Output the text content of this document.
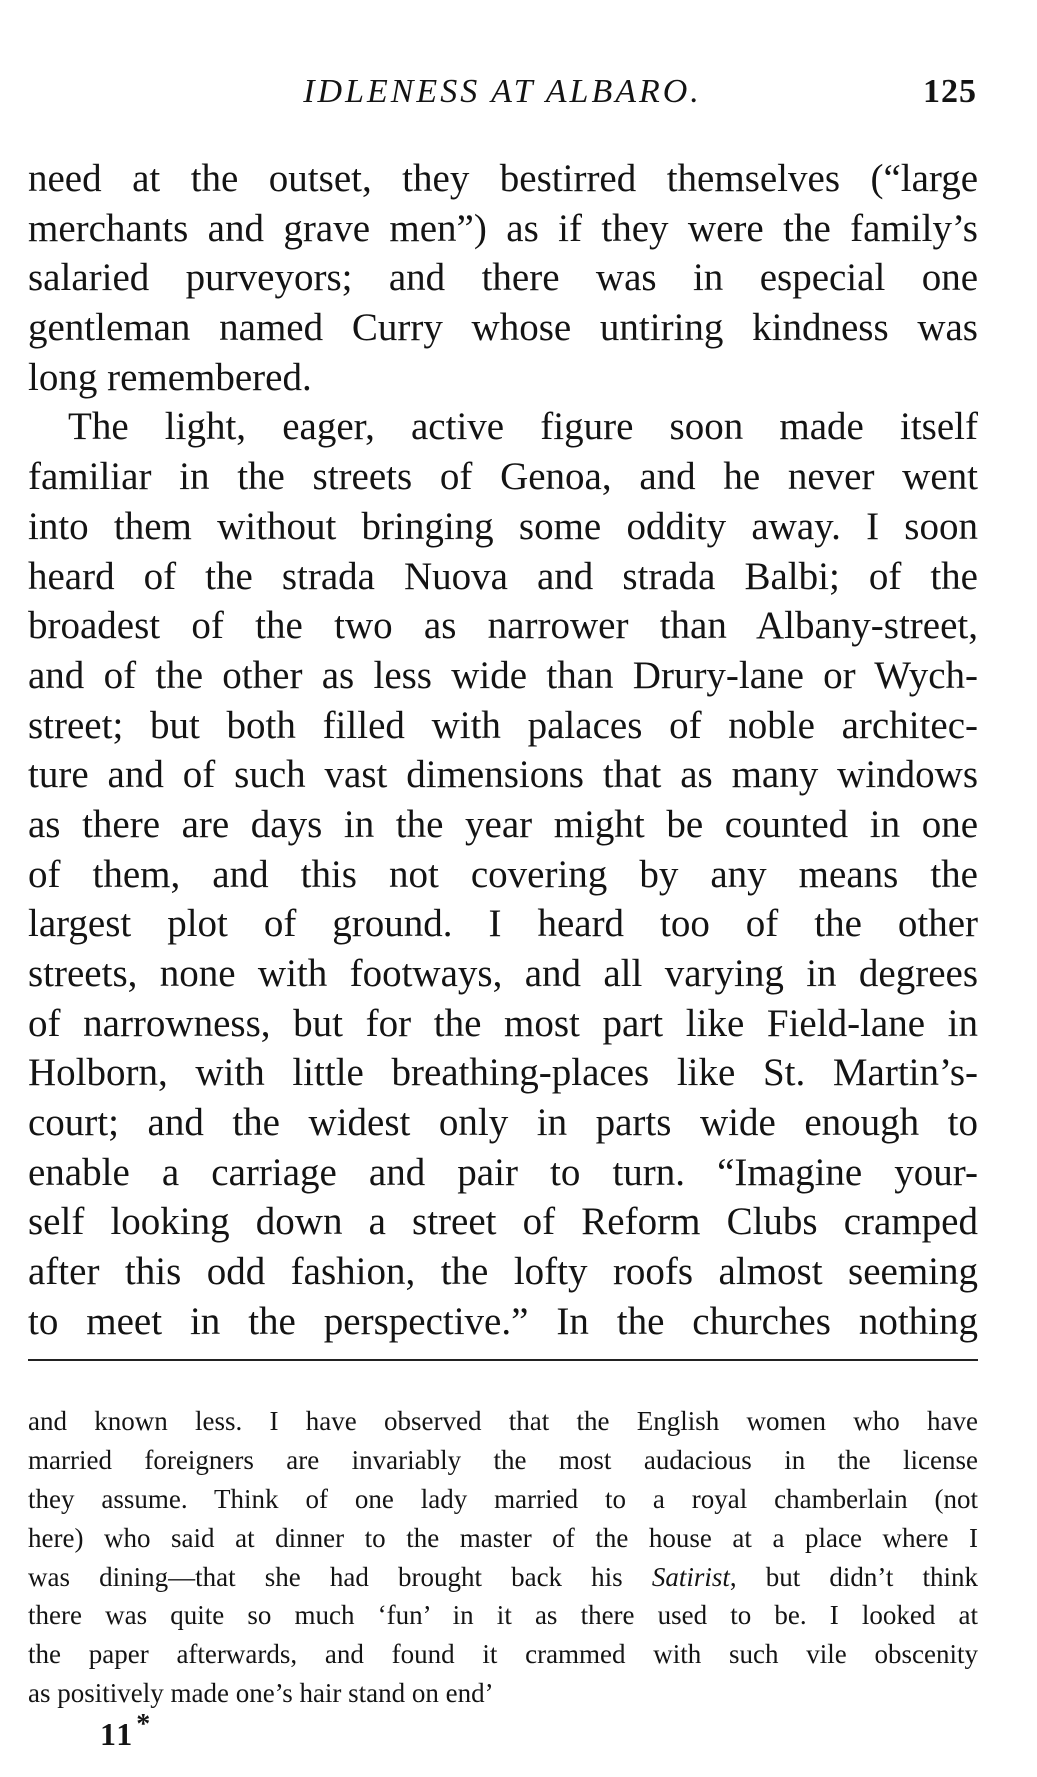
IDLENESS AT ALBARO.	125
need at the outset, they bestirred themselves (“large
merchants and grave men”) as if they were the family’s
salaried purveyors; and there was in especial one
gentleman named Curry whose untiring kindness was
long remembered.
The light, eager, active figure soon made itself
familiar in the streets of Genoa, and he never went
into them without bringing some oddity away. I soon
heard of the strada Nuova and strada Balbi; of the
broadest of the two as narrower than Albany-street,
and of the other as less wide than Drury-lane or Wych-
street; but both filled with palaces of noble architec-
ture and of such vast dimensions that as many windows
as there are days in the year might be counted in one
of them, and this not covering by any means the
largest plot of ground. I heard too of the other
streets, none with footways, and all varying in degrees
of narrowness, but for the most part like Field-lane in
Holborn, with little breathing-places like St. Martin’s-
court; and the widest only in parts wide enough to
enable a carriage and pair to turn. “Imagine your-
self looking down a street of Reform Clubs cramped
after this odd fashion, the lofty roofs almost seeming
to meet in the perspective.” In the churches nothing
and known less. I have observed that the English women who have
married foreigners are invariably the most audacious in the license
they assume. Think of one lady married to a royal chamberlain (not
here) who said at dinner to the master of the house at a place where I
was dining—that she had brought back his Satirist, but didn’t think
there was quite so much ‘fun’ in it as there used to be. I looked at
the paper afterwards, and found it crammed with such vile obscenity
as positively made one’s hair stand on end’
11*
